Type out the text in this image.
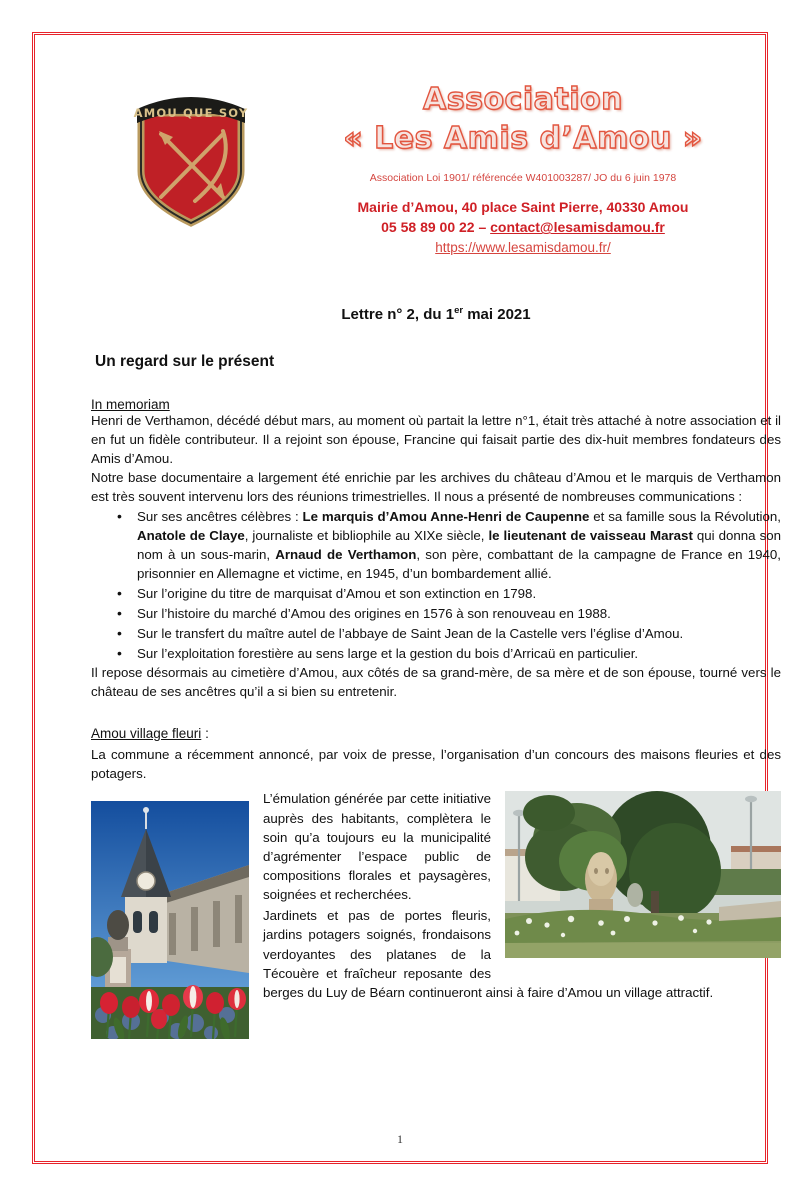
AMOU QUE SOY	Association
« Les Amis d’Amou »
Association Loi 1901/ référencée W401003287/ JO du 6 juin 1978
Mairie d’Amou, 40 place Saint Pierre, 40330 Amou
05 58 89 00 22 – contact@lesamisdamou.fr
https://www.lesamisdamou.fr/
Lettre n° 2, du 1er mai 2021
Un regard sur le présent
In memoriam

Henri de Verthamon, décédé début mars, au moment où partait la lettre n°1, était très attaché à notre association et il en fut un fidèle contributeur. Il a rejoint son épouse, Francine qui faisait partie des dix-huit membres fondateurs des Amis d’Amou.

Notre base documentaire a largement été enrichie par les archives du château d’Amou et le marquis de Verthamon est très souvent intervenu lors des réunions trimestrielles. Il nous a présenté de nombreuses communications :

• Sur ses ancêtres célèbres : Le marquis d’Amou Anne-Henri de Caupenne et sa famille sous la Révolution, Anatole de Claye, journaliste et bibliophile au XIXe siècle, le lieutenant de vaisseau Marast qui donna son nom à un sous-marin, Arnaud de Verthamon, son père, combattant de la campagne de France en 1940, prisonnier en Allemagne et victime, en 1945, d’un bombardement allié.
• Sur l’origine du titre de marquisat d’Amou et son extinction en 1798.
• Sur l’histoire du marché d’Amou des origines en 1576 à son renouveau en 1988.
• Sur le transfert du maître autel de l’abbaye de Saint Jean de la Castelle vers l’église d’Amou.
• Sur l’exploitation forestière au sens large et la gestion du bois d’Arricaü en particulier.

Il repose désormais au cimetière d’Amou, aux côtés de sa grand-mère, de sa mère et de son épouse, tourné vers le château de ses ancêtres qu’il a si bien su entretenir.

Amou village fleuri :

La commune a récemment annoncé, par voix de presse, l’organisation d’un concours des maisons fleuries et des potagers.

L’émulation générée par cette initiative auprès des habitants, complètera le soin qu’a toujours eu la municipalité d’agrémenter l’espace public de compositions florales et paysagères, soignées et recherchées.

Jardinets et pas de portes fleuris, jardins potagers soignés, frondaisons verdoyantes des platanes de la Técouère et fraîcheur reposante des berges du Luy de Béarn continueront ainsi à faire d’Amou un village attractif.

1
